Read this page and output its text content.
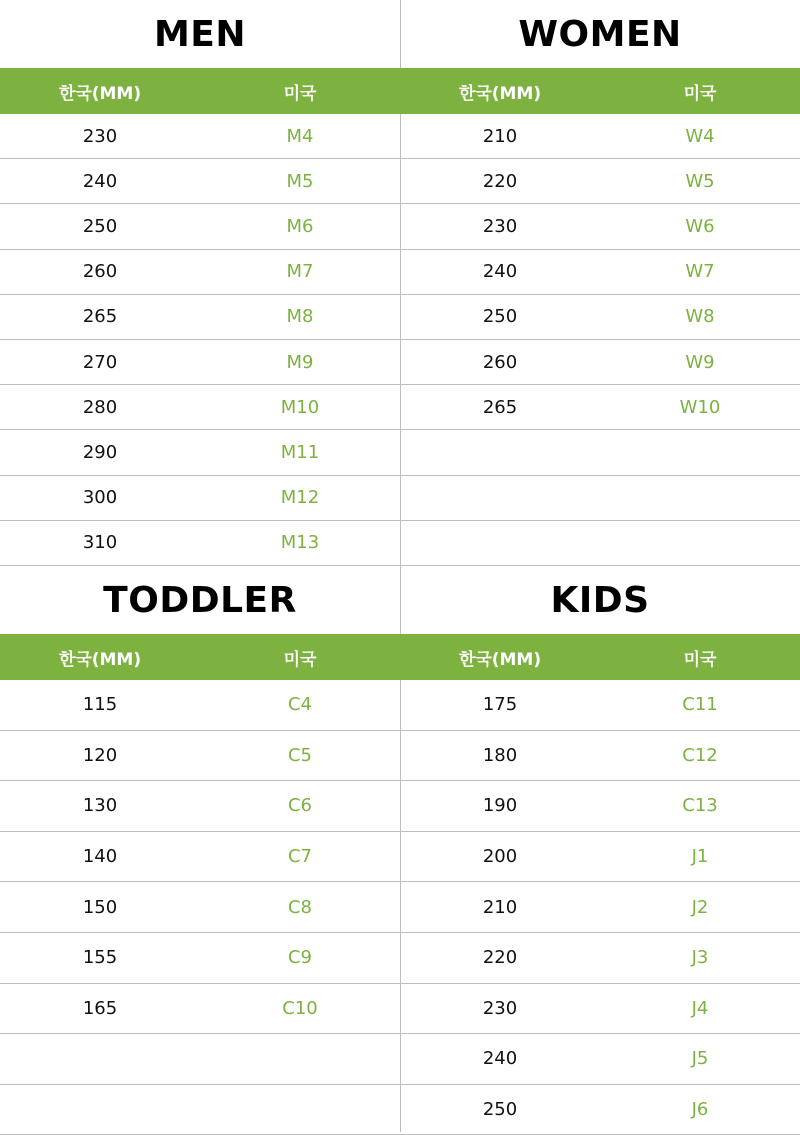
MEN
한국(MM)	미국
230	M4
240	M5
250	M6
260	M7
265	M8
270	M9
280	M10
290	M11
300	M12
310	M13
WOMEN
한국(MM)	미국
210	W4
220	W5
230	W6
240	W7
250	W8
260	W9
265	W10
TODDLER
한국(MM)	미국
115	C4
120	C5
130	C6
140	C7
150	C8
155	C9
165	C10
KIDS
한국(MM)	미국
175	C11
180	C12
190	C13
200	J1
210	J2
220	J3
230	J4
240	J5
250	J6
